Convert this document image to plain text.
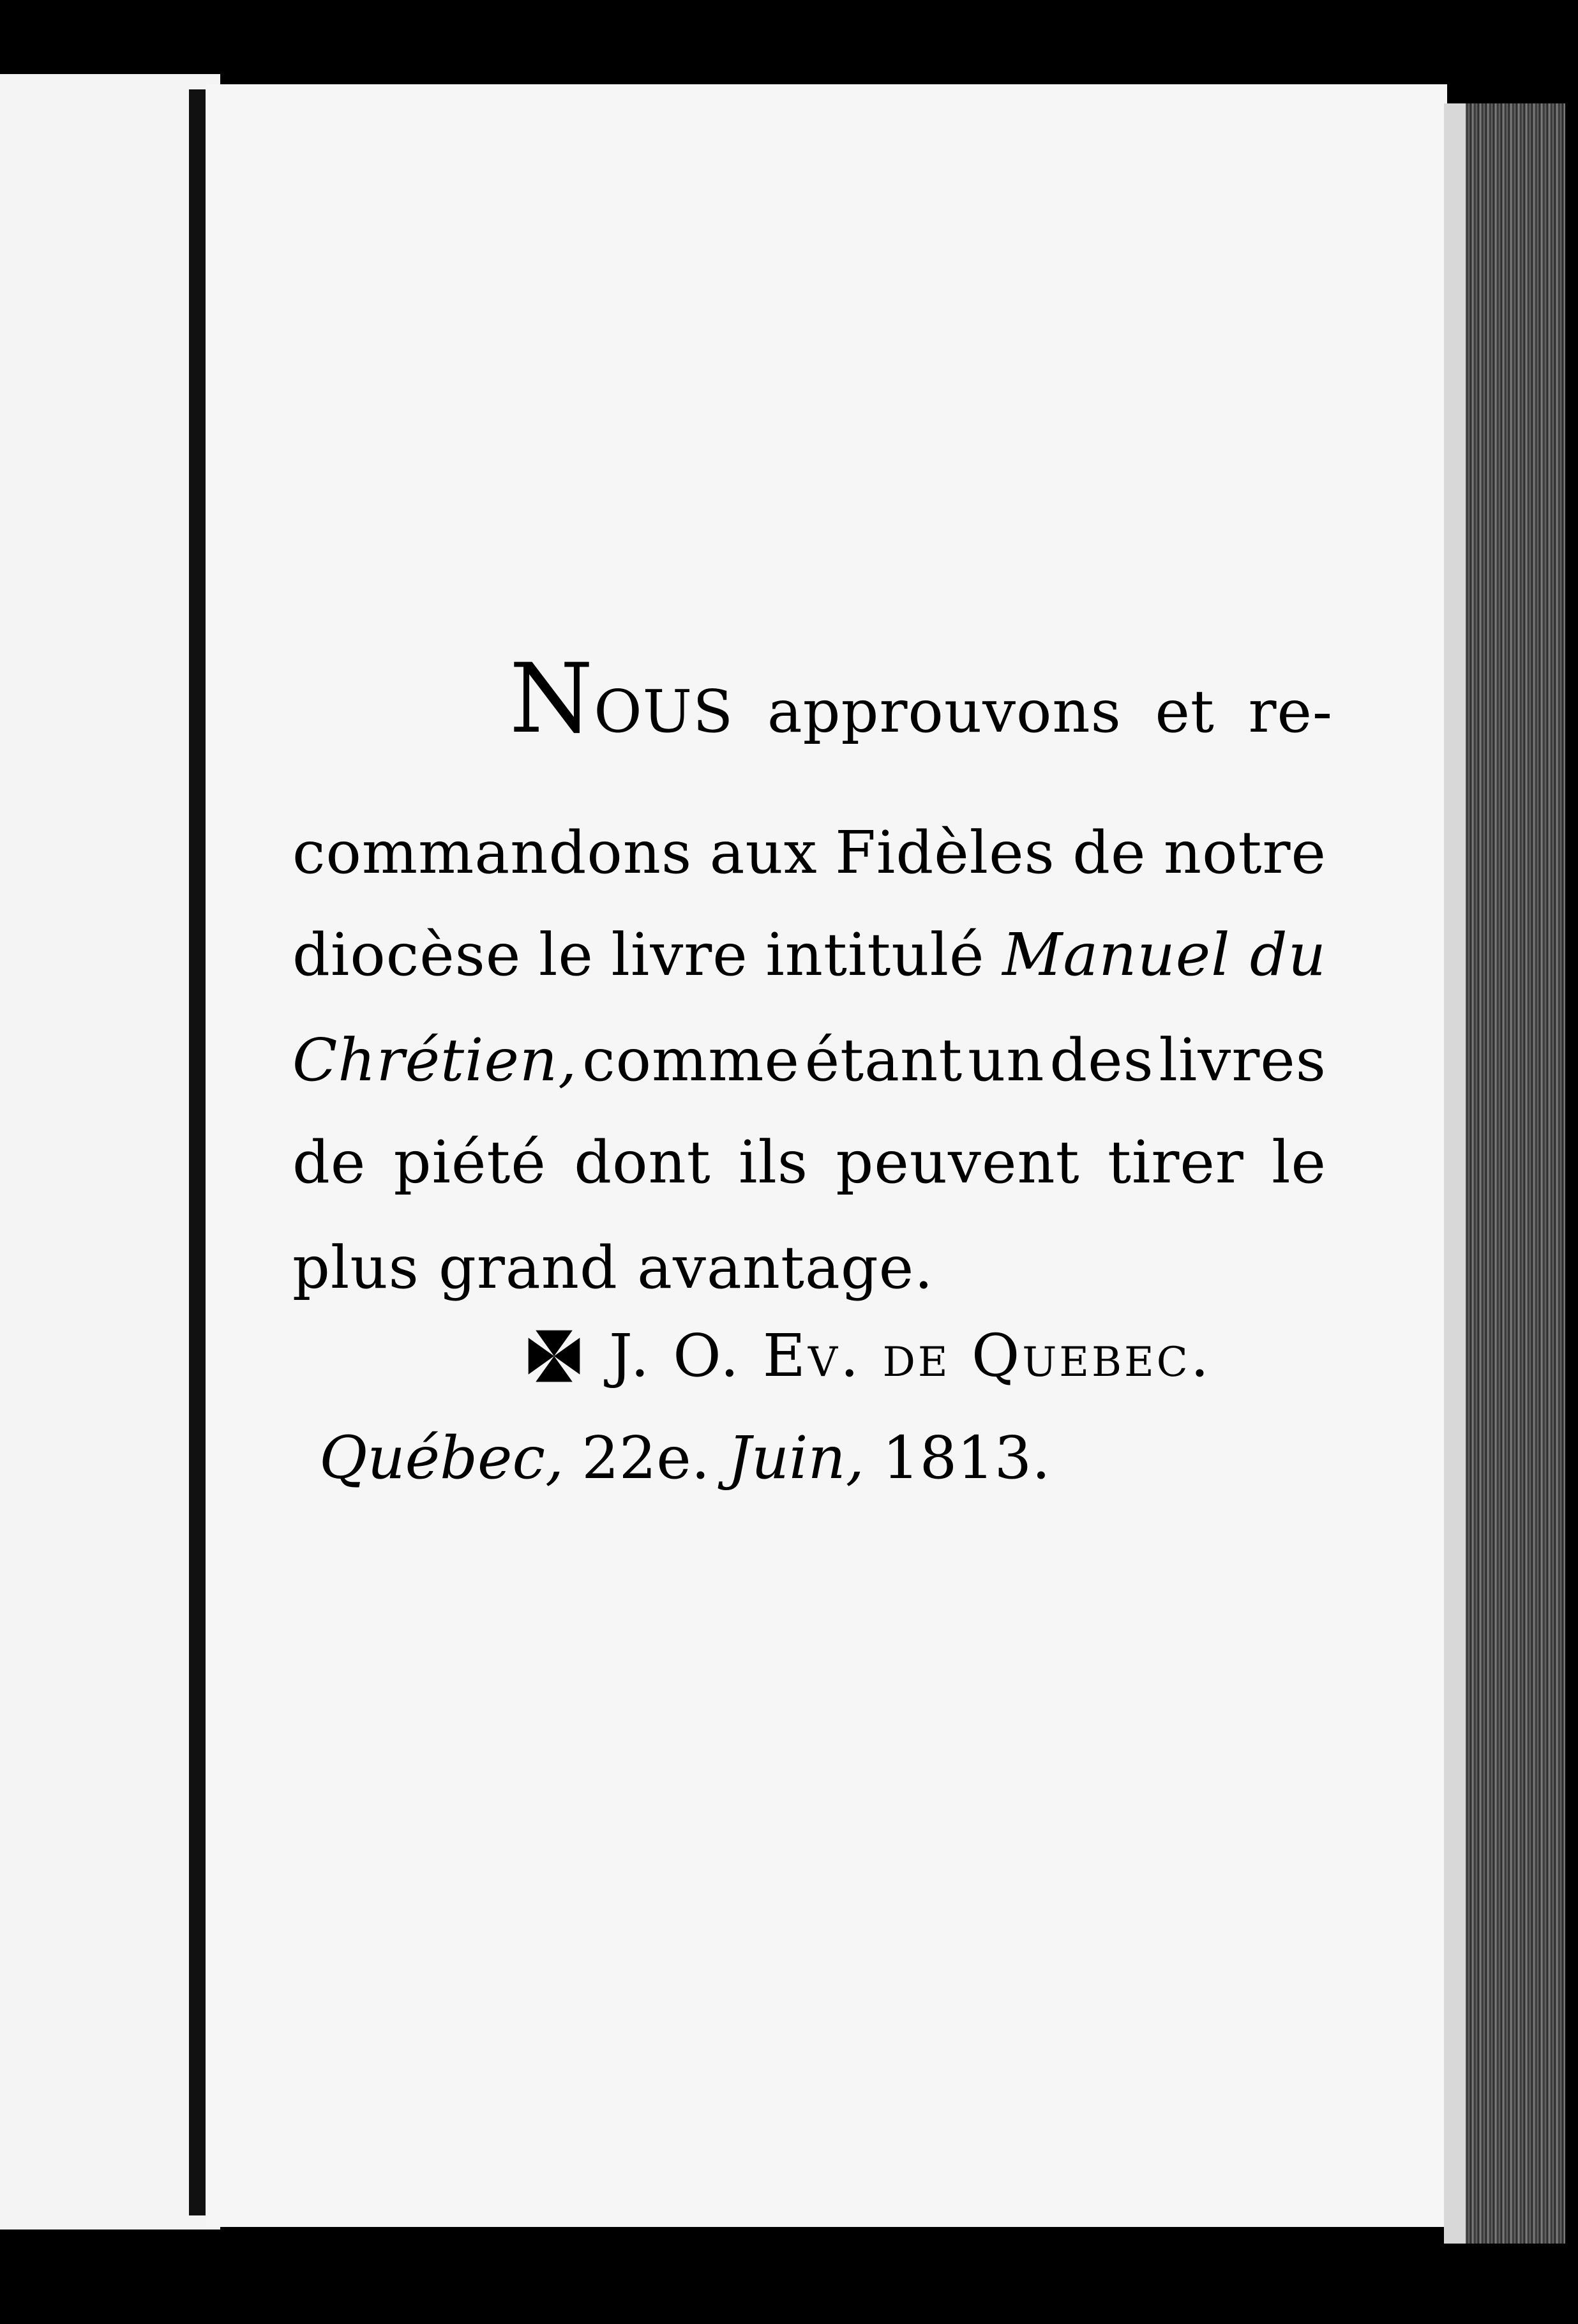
NOUS approuvons et re-
commandons aux Fidèles de notre
diocèse le livre intitulé Manuel du
Chrétien, comme étant un des livres
de piété dont ils peuvent tirer le
plus grand avantage.
J. O. Ev. de Quebec.
Québec, 22e. Juin, 1813.
